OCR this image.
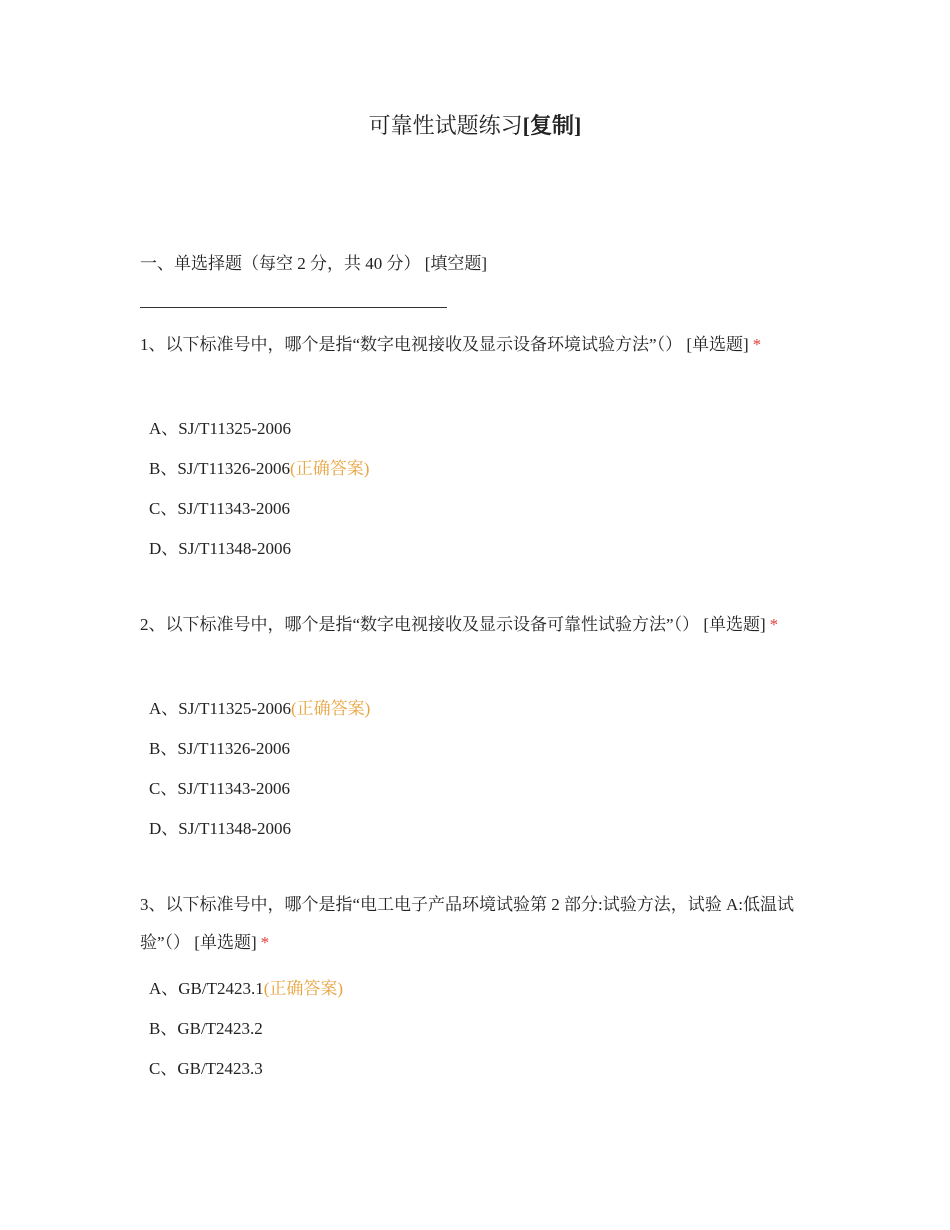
可靠性试题练习[复制]
一、单选择题（每空 2 分，共 40 分） [填空题]
1、以下标准号中，哪个是指“数字电视接收及显示设备环境试验方法”（） [单选题] *
A、SJ/T11325-2006
B、SJ/T11326-2006(正确答案)
C、SJ/T11343-2006
D、SJ/T11348-2006
2、以下标准号中，哪个是指“数字电视接收及显示设备可靠性试验方法”（） [单选题] *
A、SJ/T11325-2006(正确答案)
B、SJ/T11326-2006
C、SJ/T11343-2006
D、SJ/T11348-2006
3、以下标准号中，哪个是指“电工电子产品环境试验第 2 部分:试验方法，试验 A:低温试验”（） [单选题] *
A、GB/T2423.1(正确答案)
B、GB/T2423.2
C、GB/T2423.3
